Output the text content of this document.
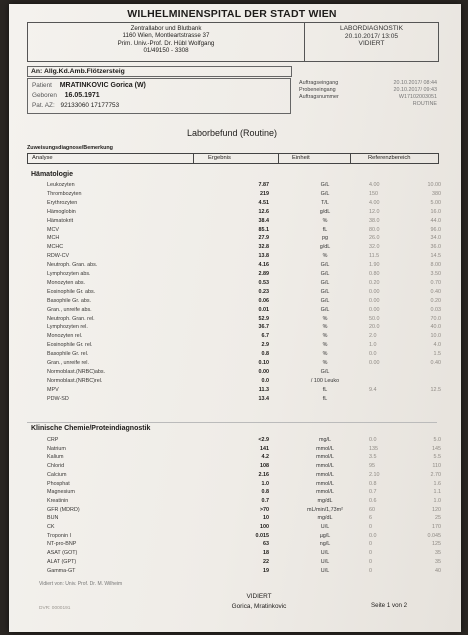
WILHELMINENSPITAL DER STADT WIEN
Zentrallabor und Blutbank
1160 Wien, Montleartstrasse 37
Prim. Univ.-Prof. Dr. Hübl Wolfgang
01/49150 - 3308
LABORDIAGNOSTIK
20.10.2017/ 13:05
VIDIERT
An: Allg.Kd.Amb.Flötzersteig
Patient MRATINKOVIC Gorica (W)
Geboren 16.05.1971
Pat. AZ: 92133060 17177753
Auftragseingang	20.10.2017/ 08:44
Probeneingang	20.10.2017/ 09:43
Auftragsnummer	W17102003051
ROUTINE
Laborbefund (Routine)
Zuweisungsdiagnose/Bemerkung
Analyse	Ergebnis	Einheit	Referenzbereich
Hämatologie
Leukozyten	7.87	G/L	4.00	10.00
Thrombozyten	219	G/L	150	380
Erythrozyten	4.51	T/L	4.00	5.00
Hämoglobin	12.6	g/dL	12.0	16.0
Hämatokrit	38.4	%	38.0	44.0
MCV	85.1	fL	80.0	96.0
MCH	27.9	pg	26.0	34.0
MCHC	32.8	g/dL	32.0	36.0
RDW-CV	13.8	%	11.5	14.5
Neutroph. Gran. abs.	4.16	G/L	1.90	8.00
Lymphozyten abs.	2.89	G/L	0.80	3.50
Monozyten abs.	0.53	G/L	0.20	0.70
Eosinophile Gr. abs.	0.23	G/L	0.00	0.40
Basophile Gr. abs.	0.06	G/L	0.00	0.20
Gran., unreife abs.	0.01	G/L	0.00	0.03
Neutroph. Gran. rel.	52.9	%	50.0	70.0
Lymphozyten rel.	36.7	%	20.0	40.0
Monozyten rel.	6.7	%	2.0	10.0
Eosinophile Gr. rel.	2.9	%	1.0	4.0
Basophile Gr. rel.	0.8	%	0.0	1.5
Gran., unreife rel.	0.10	%	0.00	0.40
Normoblast.(NRBC)abs.	0.00	G/L
Normoblast.(NRBC)rel.	0.0	/ 100 Leuko
MPV	11.3	fL	9.4	12.5
PDW-SD	13.4	fL
Klinische Chemie/Proteindiagnostik
CRP	<2.9	mg/L	0.0	5.0
Natrium	141	mmol/L	135	145
Kalium	4.2	mmol/L	3.5	5.5
Chlorid	108	mmol/L	95	110
Calcium	2.16	mmol/L	2.10	2.70
Phosphat	1.0	mmol/L	0.8	1.6
Magnesium	0.8	mmol/L	0.7	1.1
Kreatinin	0.7	mg/dL	0.6	1.0
GFR (MDRD)	>70	mL/min/1,73m²	60	120
BUN	10	mg/dL	6	25
CK	100	U/L	0	170
Troponin I	0.015	µg/L	0.0	0.045
NT-pro-BNP	63	ng/L	0	125
ASAT (GOT)	18	U/L	0	35
ALAT (GPT)	22	U/L	0	35
Gamma-GT	19	U/L	0	40
Vidiert von: Univ. Prof. Dr. M. Wilheim
DVR: 0000191
VIDIERT
Gorica, Mratinkovic	Seite 1 von 2
